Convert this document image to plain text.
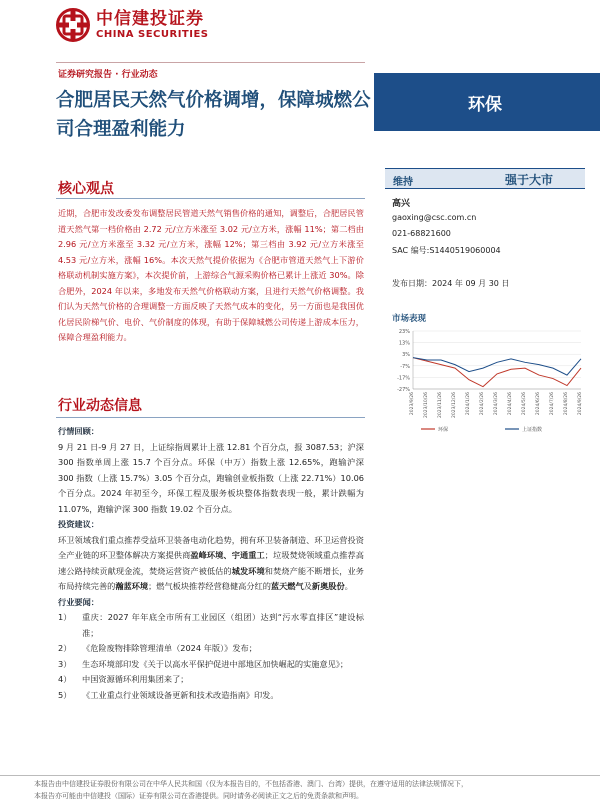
中信建投证券
CHINA SECURITIES
证券研究报告 · 行业动态
合肥居民天然气价格调增，保障城燃公司合理盈利能力
环保
核心观点
近期，合肥市发改委发布调整居民管道天然气销售价格的通知，调整后，合肥居民管道天然气第一档价格由 2.72 元/立方米涨至 3.02 元/立方米，涨幅 11%；第二档由 2.96 元/立方米涨至 3.32 元/立方米，涨幅 12%；第三档由 3.92 元/立方米涨至 4.53 元/立方米，涨幅 16%。本次天然气提价依据为《合肥市管道天然气上下游价格联动机制实施方案》，本次提价前，上游综合气源采购价格已累计上涨近 30%。除合肥外，2024 年以来，多地发布天然气价格联动方案，且进行天然气价格调整。我们认为天然气价格的合理调整一方面反映了天然气成本的变化，另一方面也是我国优化居民阶梯气价、电价、气价制度的体现，有助于保障城燃公司传递上游成本压力，保障合理盈利能力。
维持	强于大市
高兴
gaoxing@csc.com.cn
021-68821600
SAC 编号:S1440519060004
发布日期：2024 年 09 月 30 日
市场表现
23%
13%
3%
-7%
-17%
-27%
2023/9/26 2023/10/26 2023/11/26 2023/12/26 2024/1/26 2024/2/26 2024/3/26 2024/4/26 2024/5/26 2024/6/26 2024/7/26 2024/8/26 2024/9/26
环保	上证指数
行业动态信息
行情回顾：
9 月 21 日-9 月 27 日，上证综指周累计上涨 12.81 个百分点，报 3087.53；沪深 300 指数单周上涨 15.7 个百分点。环保（中万）指数上涨 12.65%，跑输沪深 300 指数（上涨 15.7%）3.05 个百分点，跑输创业板指数（上涨 22.71%）10.06 个百分点。2024 年初至今，环保工程及服务板块整体指数表现一般，累计跌幅为 11.07%，跑输沪深 300 指数 19.02 个百分点。
投资建议：
环卫领域我们重点推荐受益环卫装备电动化趋势，拥有环卫装备制造、环卫运营投资全产业链的环卫整体解决方案提供商盈峰环境、宇通重工；垃圾焚烧领域重点推荐高速公路持续贡献现金流，焚烧运营资产被低估的城发环境和焚烧产能不断增长，业务布局持续完善的瀚蓝环境；燃气板块推荐经营稳健高分红的蓝天燃气及新奥股份。
行业要闻：
1）	重庆：2027 年年底全市所有工业园区（组团）达到“污水零直排区”建设标准；
2）	《危险废物排除管理清单（2024 年版）》发布；
3）	生态环境部印发《关于以高水平保护促进中部地区加快崛起的实施意见》；
4）	中国资源循环利用集团来了；
5）	《工业重点行业领域设备更新和技术改造指南》印发。
本报告由中信建投证券股份有限公司在中华人民共和国（仅为本报告目的，不包括香港、澳门、台湾）提供，在遵守适用的法律法规情况下，
本报告亦可能由中信建投（国际）证券有限公司在香港提供。同时请务必阅读正文之后的免责条款和声明。
